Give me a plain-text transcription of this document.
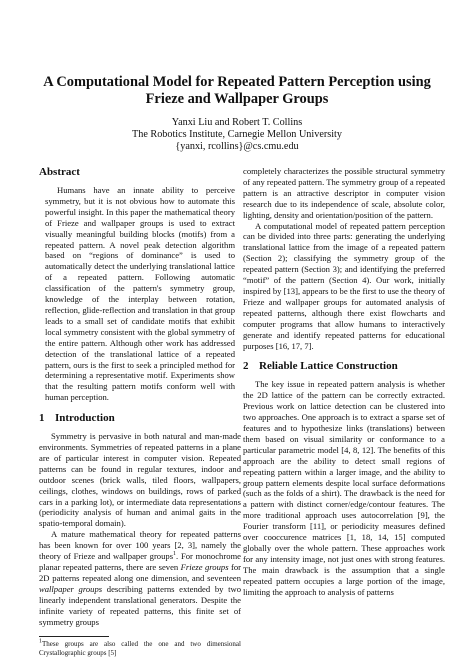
A Computational Model for Repeated Pattern Perception using
Frieze and Wallpaper Groups
Yanxi Liu and Robert T. Collins
The Robotics Institute, Carnegie Mellon University
{yanxi, rcollins}@cs.cmu.edu
Abstract

Humans have an innate ability to perceive symmetry, but it is not obvious how to automate this powerful insight. In this paper the mathematical theory of Frieze and wallpaper groups is used to extract visually meaningful building blocks (motifs) from a repeated pattern. A novel peak detection algorithm based on “regions of dominance” is used to automatically detect the underlying translational lattice of a repeated pattern. Following automatic classification of the pattern's symmetry group, knowledge of the interplay between rotation, reflection, glide-reflection and translation in that group leads to a small set of candidate motifs that exhibit local symmetry consistent with the global symmetry of the entire pattern. Although other work has addressed detection of the translational lattice of a repeated pattern, ours is the first to seek a principled method for determining a representative motif. Experiments show that the resulting pattern motifs conform well with human perception.

1 Introduction

Symmetry is pervasive in both natural and man-made environments. Symmetries of repeated patterns in a plane are of particular interest in computer vision. Repeated patterns can be found in regular textures, indoor and outdoor scenes (brick walls, tiled floors, wallpapers, ceilings, clothes, windows on buildings, rows of parked cars in a parking lot), or intermediate data representations (periodicity analysis of human and animal gaits in the spatio-temporal domain).

A mature mathematical theory for repeated patterns has been known for over 100 years [2, 3], namely the theory of Frieze and wallpaper groups$^1$. For monochrome planar repeated patterns, there are seven Frieze groups for 2D patterns repeated along one dimension, and seventeen wallpaper groups describing patterns extended by two linearly independent translational generators. Despite the infinite variety of repeated patterns, this finite set of symmetry groups

$^1$These groups are also called the one and two dimensional Crystallographic groups [5]

completely characterizes the possible structural symmetry of any repeated pattern. The symmetry group of a repeated pattern is an attractive descriptor in computer vision research due to its independence of scale, absolute color, lighting, density and orientation/position of the pattern.

A computational model of repeated pattern perception can be divided into three parts: generating the underlying translational lattice from the image of a repeated pattern (Section 2); classifying the symmetry group of the repeated pattern (Section 3); and identifying the preferred “motif” of the pattern (Section 4). Our work, initially inspired by [13], appears to be the first to use the theory of Frieze and wallpaper groups for automated analysis of repeated patterns, although there exist flowcharts and computer programs that allow humans to interactively generate and identify repeated patterns for educational purposes [16, 17, 7].

2 Reliable Lattice Construction

The key issue in repeated pattern analysis is whether the 2D lattice of the pattern can be correctly extracted. Previous work on lattice detection can be clustered into two approaches. One approach is to extract a sparse set of features and to hypothesize links (translations) between them based on visual similarity or conformance to a particular parametric model [4, 8, 12]. The benefits of this approach are the ability to detect small regions of repeating pattern within a larger image, and the ability to group pattern elements despite local surface deformations (such as the folds of a shirt). The drawback is the need for a pattern with distinct corner/edge/contour features. The more traditional approach uses autocorrelation [9], the Fourier transform [11], or periodicity measures defined over cooccurence matrices [1, 18, 14, 15] computed globally over the whole pattern. These approaches work for any intensity image, not just ones with strong features. The main drawback is the assumption that a single repeated pattern occupies a large portion of the image, limiting the approach to analysis of patterns
